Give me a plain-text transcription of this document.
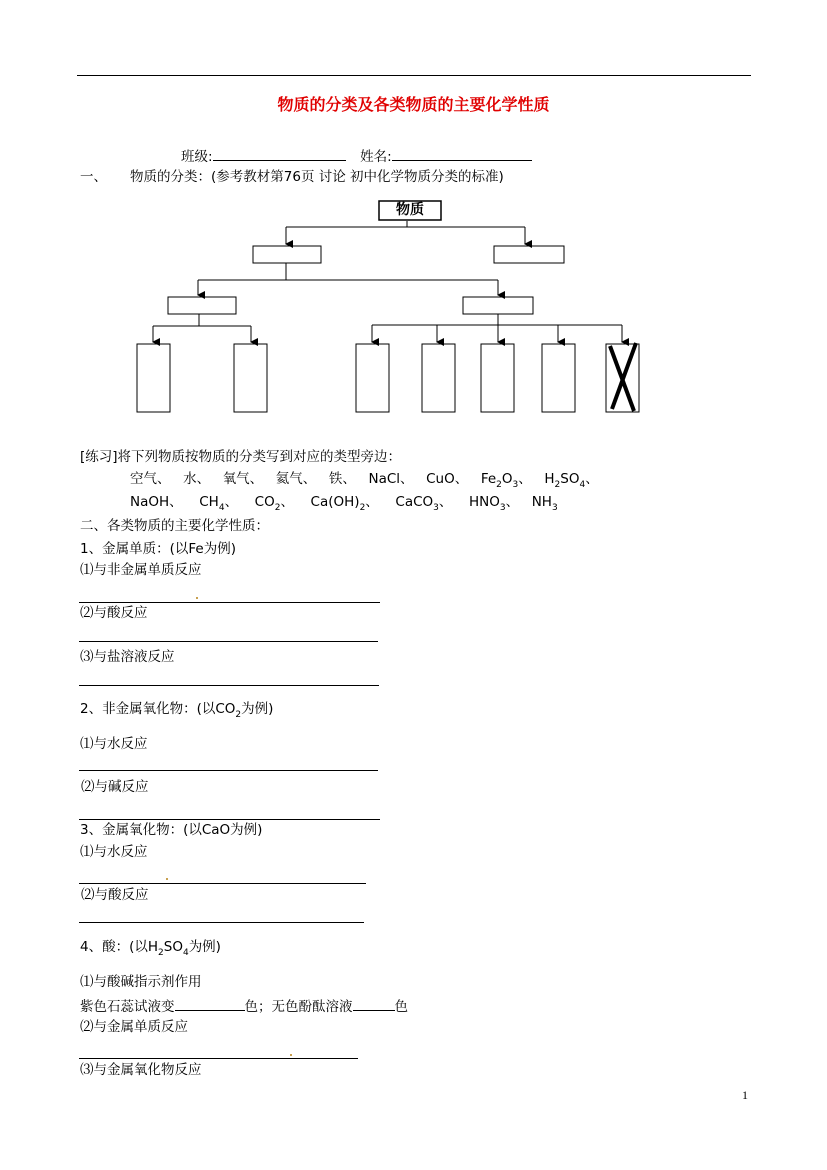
物质的分类及各类物质的主要化学性质
班级:	姓名:
一、 物质的分类：(参考教材第76页 讨论 初中化学物质分类的标准)
物质
[练习]将下列物质按物质的分类写到对应的类型旁边：
空气、 水、 氧气、 氦气、 铁、 NaCl、 CuO、 $Fe_2O_3$、 $H_2SO_4$、
NaOH、 $CH_4$、 $CO_2$、 $Ca(OH)_2$、 CaCO$_3$、 $HNO_3$、 $NH_3$
二、各类物质的主要化学性质：
1、金属单质：(以Fe为例)
⑴与非金属单质反应
⑵与酸反应
⑶与盐溶液反应
2、非金属氧化物：(以$CO_2$为例)
⑴与水反应
⑵与碱反应
3、金属氧化物：(以CaO为例)
⑴与水反应
⑵与酸反应
4、酸：(以$H_2SO_4$为例)
⑴与酸碱指示剂作用
紫色石蕊试液变	色；无色酚酞溶液	色
⑵与金属单质反应
⑶与金属氧化物反应
1
